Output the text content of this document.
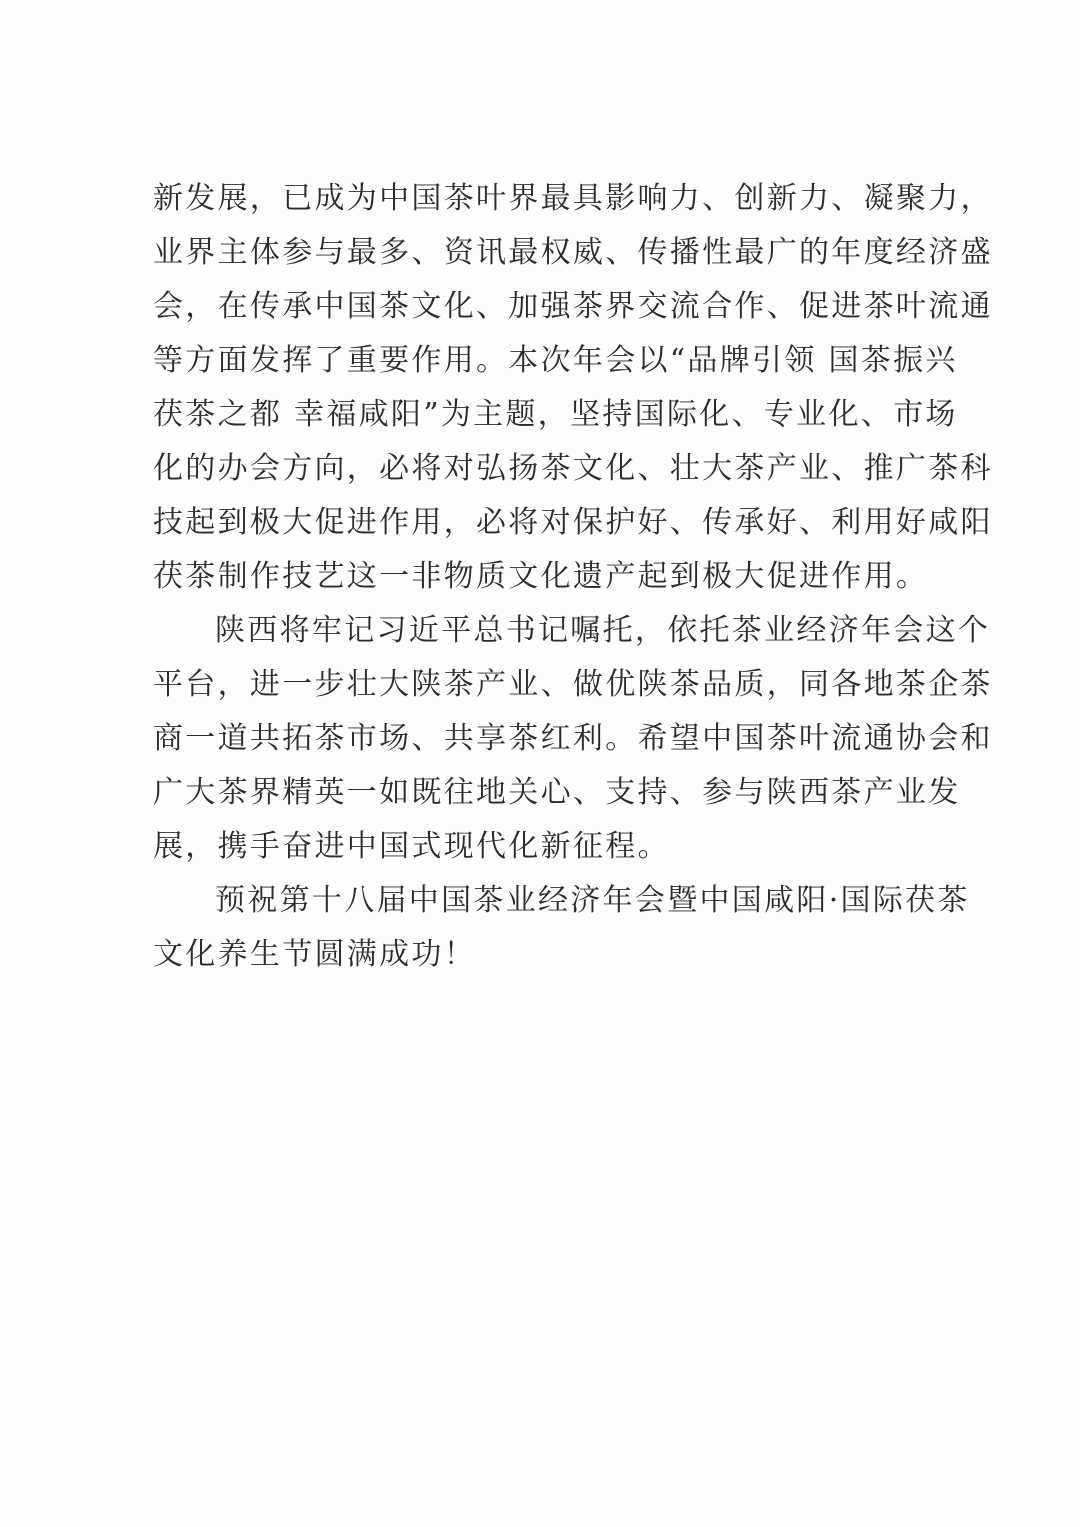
新发展，已成为中国茶叶界最具影响力、创新力、凝聚力，
业界主体参与最多、资讯最权威、传播性最广的年度经济盛
会，在传承中国茶文化、加强茶界交流合作、促进茶叶流通
等方面发挥了重要作用。本次年会以“品牌引领 国茶振兴
茯茶之都 幸福咸阳”为主题，坚持国际化、专业化、市场
化的办会方向，必将对弘扬茶文化、壮大茶产业、推广茶科
技起到极大促进作用，必将对保护好、传承好、利用好咸阳
茯茶制作技艺这一非物质文化遗产起到极大促进作用。
陕西将牢记习近平总书记嘱托，依托茶业经济年会这个
平台，进一步壮大陕茶产业、做优陕茶品质，同各地茶企茶
商一道共拓茶市场、共享茶红利。希望中国茶叶流通协会和
广大茶界精英一如既往地关心、支持、参与陕西茶产业发
展，携手奋进中国式现代化新征程。
预祝第十八届中国茶业经济年会暨中国咸阳·国际茯茶
文化养生节圆满成功！
